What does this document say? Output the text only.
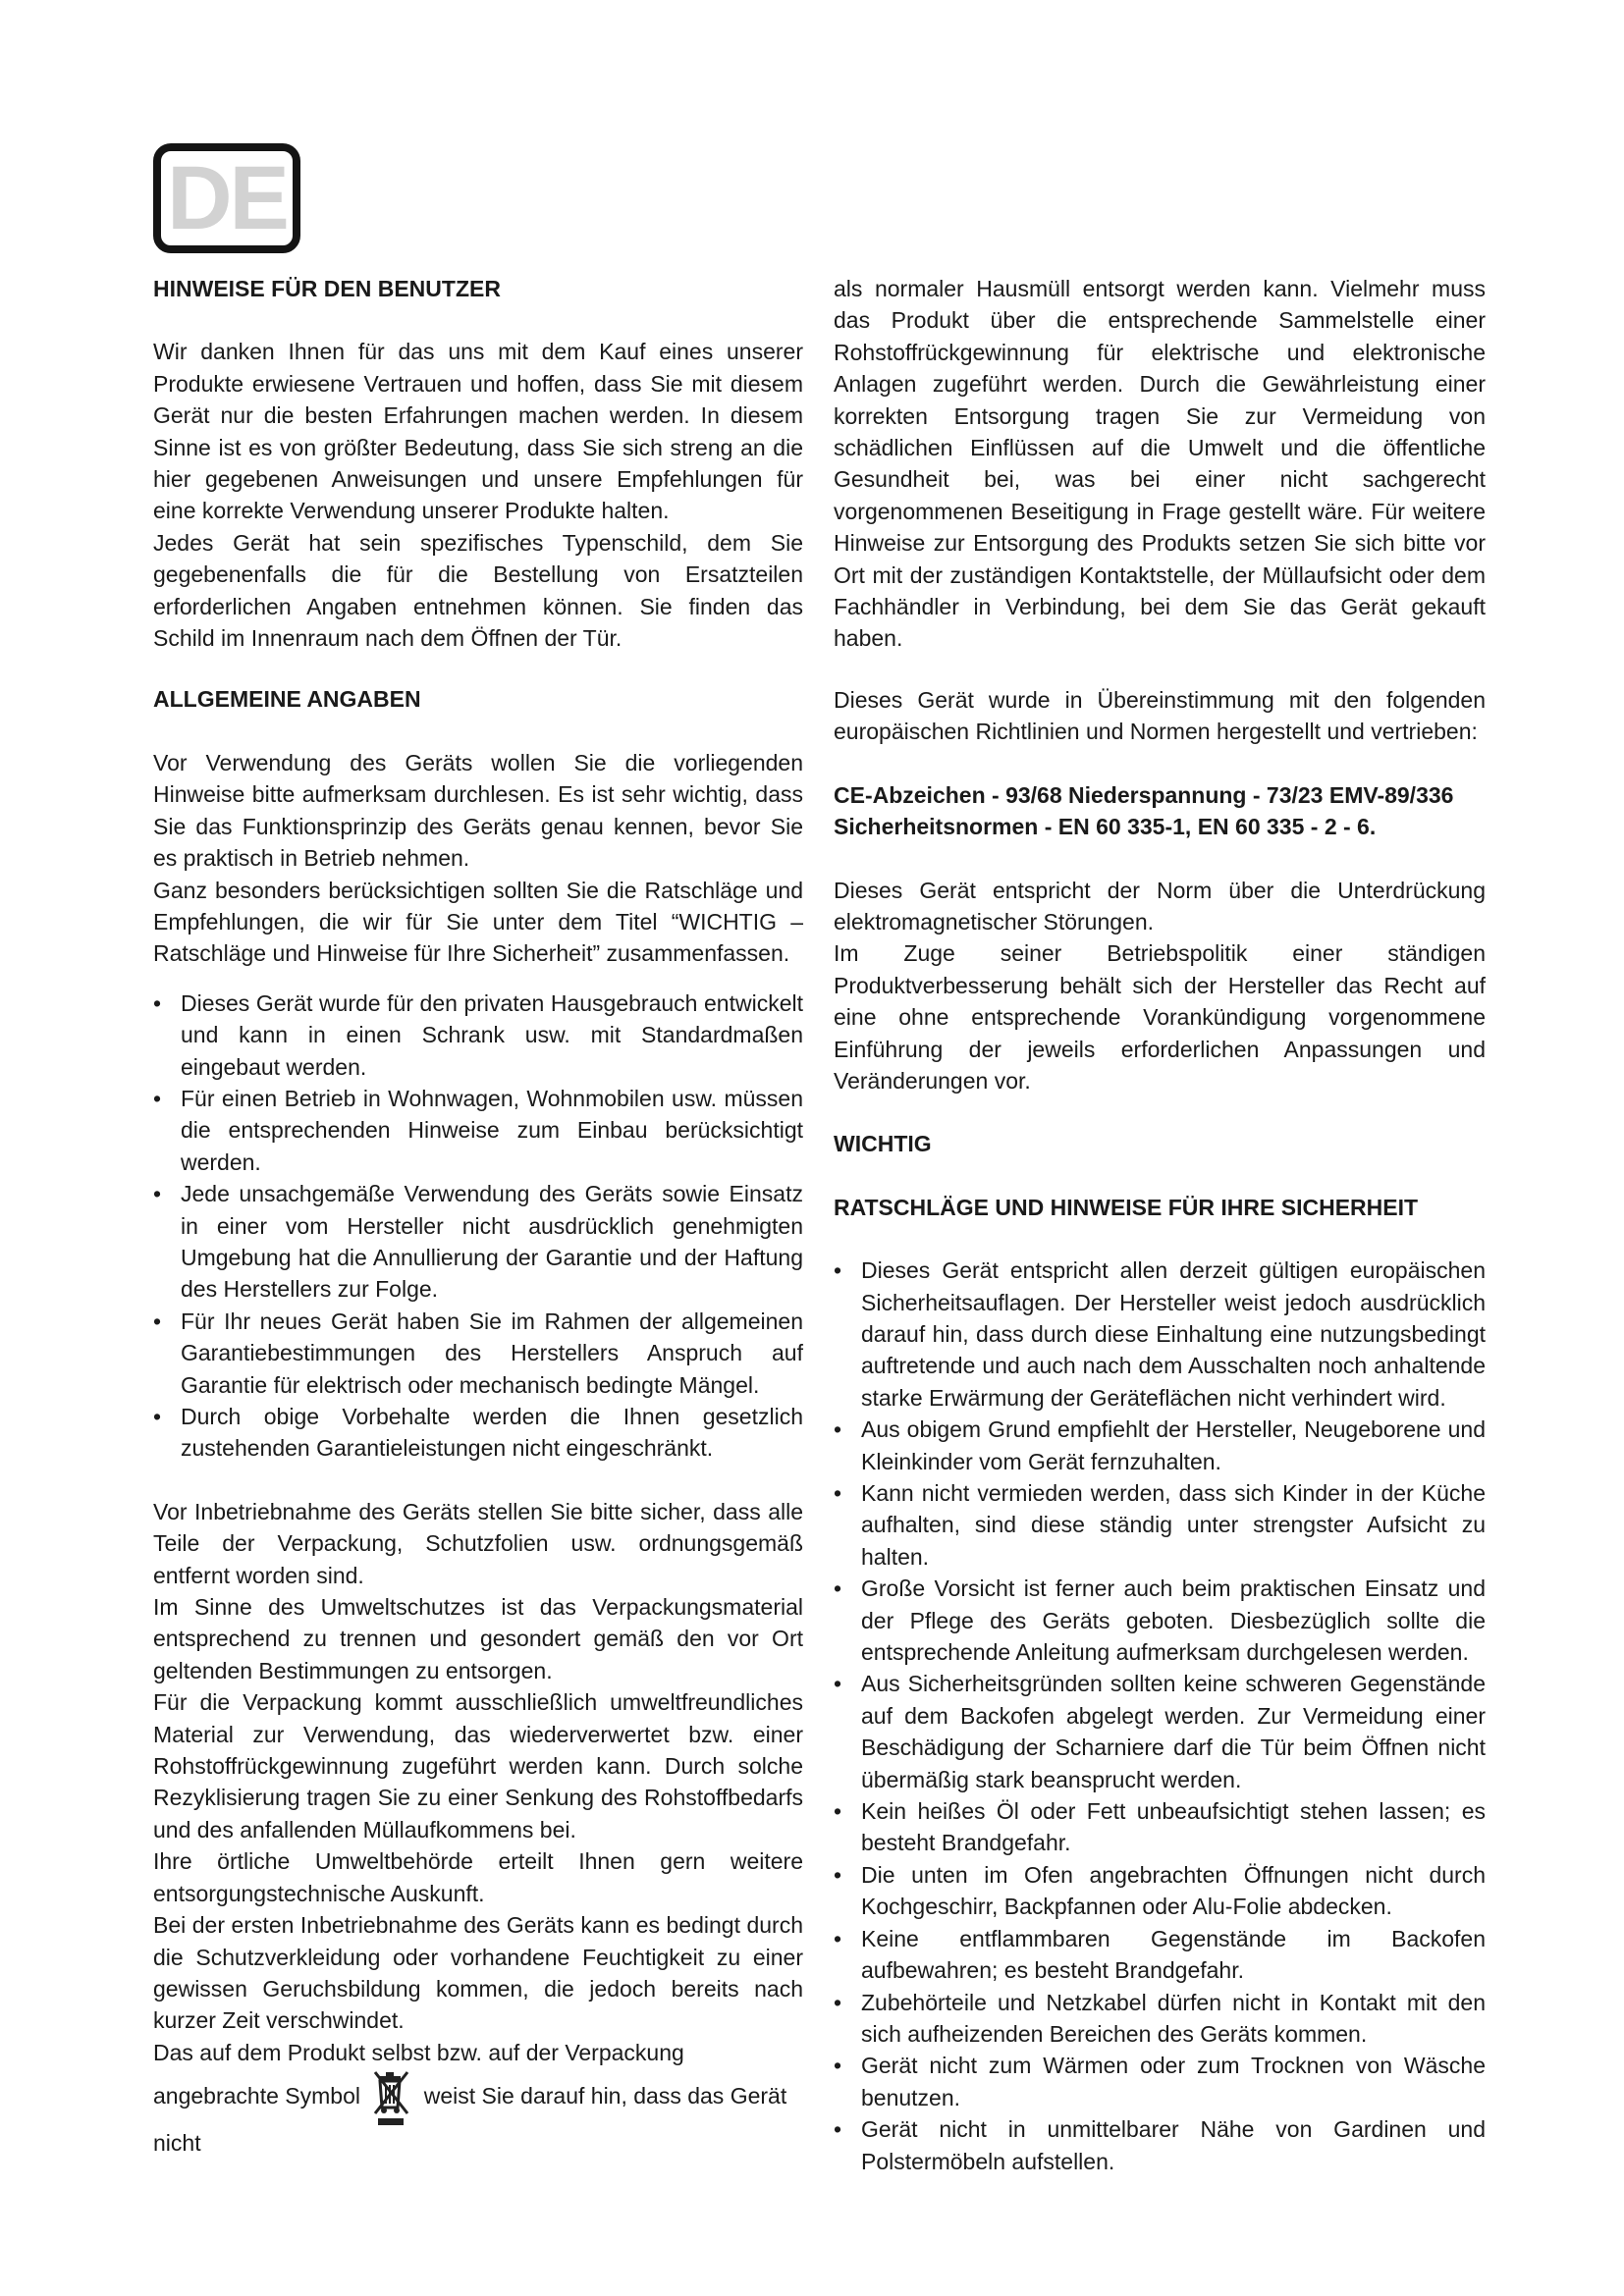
DE
HINWEISE FÜR DEN BENUTZER

Wir danken Ihnen für das uns mit dem Kauf eines unserer Produkte erwiesene Vertrauen und hoffen, dass Sie mit diesem Gerät nur die besten Erfahrungen machen werden. In diesem Sinne ist es von größter Bedeutung, dass Sie sich streng an die hier gegebenen Anweisungen und unsere Empfehlungen für eine korrekte Verwendung unserer Produkte halten.

Jedes Gerät hat sein spezifisches Typenschild, dem Sie gegebenenfalls die für die Bestellung von Ersatzteilen erforderlichen Angaben entnehmen können. Sie finden das Schild im Innenraum nach dem Öffnen der Tür.

ALLGEMEINE ANGABEN

Vor Verwendung des Geräts wollen Sie die vorliegenden Hinweise bitte aufmerksam durchlesen. Es ist sehr wichtig, dass Sie das Funktionsprinzip des Geräts genau kennen, bevor Sie es praktisch in Betrieb nehmen.

Ganz besonders berücksichtigen sollten Sie die Ratschläge und Empfehlungen, die wir für Sie unter dem Titel “WICHTIG – Ratschläge und Hinweise für Ihre Sicherheit” zusammenfassen.

• Dieses Gerät wurde für den privaten Hausgebrauch entwickelt und kann in einen Schrank usw. mit Standardmaßen eingebaut werden.
• Für einen Betrieb in Wohnwagen, Wohnmobilen usw. müssen die entsprechenden Hinweise zum Einbau berücksichtigt werden.
• Jede unsachgemäße Verwendung des Geräts sowie Einsatz in einer vom Hersteller nicht ausdrücklich genehmigten Umgebung hat die Annullierung der Garantie und der Haftung des Herstellers zur Folge.
• Für Ihr neues Gerät haben Sie im Rahmen der allgemeinen Garantiebestimmungen des Herstellers Anspruch auf Garantie für elektrisch oder mechanisch bedingte Mängel.
• Durch obige Vorbehalte werden die Ihnen gesetzlich zustehenden Garantieleistungen nicht eingeschränkt.

Vor Inbetriebnahme des Geräts stellen Sie bitte sicher, dass alle Teile der Verpackung, Schutzfolien usw. ordnungsgemäß entfernt worden sind.

Im Sinne des Umweltschutzes ist das Verpackungsmaterial entsprechend zu trennen und gesondert gemäß den vor Ort geltenden Bestimmungen zu entsorgen.

Für die Verpackung kommt ausschließlich umweltfreundliches Material zur Verwendung, das wiederverwertet bzw. einer Rohstoffrückgewinnung zugeführt werden kann. Durch solche Rezyklisierung tragen Sie zu einer Senkung des Rohstoffbedarfs und des anfallenden Müllaufkommens bei.

Ihre örtliche Umweltbehörde erteilt Ihnen gern weitere entsorgungstechnische Auskunft.

Bei der ersten Inbetriebnahme des Geräts kann es bedingt durch die Schutzverkleidung oder vorhandene Feuchtigkeit zu einer gewissen Geruchsbildung kommen, die jedoch bereits nach kurzer Zeit verschwindet.

Das auf dem Produkt selbst bzw. auf der Verpackung angebrachte Symbol	weist Sie darauf hin, dass das Gerät nicht

als normaler Hausmüll entsorgt werden kann. Vielmehr muss das Produkt über die entsprechende Sammelstelle einer Rohstoffrückgewinnung für elektrische und elektronische Anlagen zugeführt werden. Durch die Gewährleistung einer korrekten Entsorgung tragen Sie zur Vermeidung von schädlichen Einflüssen auf die Umwelt und die öffentliche Gesundheit bei, was bei einer nicht sachgerecht vorgenommenen Beseitigung in Frage gestellt wäre. Für weitere Hinweise zur Entsorgung des Produkts setzen Sie sich bitte vor Ort mit der zuständigen Kontaktstelle, der Müllaufsicht oder dem Fachhändler in Verbindung, bei dem Sie das Gerät gekauft haben.

Dieses Gerät wurde in Übereinstimmung mit den folgenden europäischen Richtlinien und Normen hergestellt und vertrieben:

CE-Abzeichen - 93/68 Niederspannung - 73/23 EMV-89/336

Sicherheitsnormen - EN 60 335-1, EN 60 335 - 2 - 6.

Dieses Gerät entspricht der Norm über die Unterdrückung elektromagnetischer Störungen.

Im Zuge seiner Betriebspolitik einer ständigen Produktverbesserung behält sich der Hersteller das Recht auf eine ohne entsprechende Vorankündigung vorgenommene Einführung der jeweils erforderlichen Anpassungen und Veränderungen vor.

WICHTIG
RATSCHLÄGE UND HINWEISE FÜR IHRE SICHERHEIT
• Dieses Gerät entspricht allen derzeit gültigen europäischen Sicherheitsauflagen. Der Hersteller weist jedoch ausdrücklich darauf hin, dass durch diese Einhaltung eine nutzungsbedingt auftretende und auch nach dem Ausschalten noch anhaltende starke Erwärmung der Geräteflächen nicht verhindert wird.
• Aus obigem Grund empfiehlt der Hersteller, Neugeborene und Kleinkinder vom Gerät fernzuhalten.
• Kann nicht vermieden werden, dass sich Kinder in der Küche aufhalten, sind diese ständig unter strengster Aufsicht zu halten.
• Große Vorsicht ist ferner auch beim praktischen Einsatz und der Pflege des Geräts geboten. Diesbezüglich sollte die entsprechende Anleitung aufmerksam durchgelesen werden.
• Aus Sicherheitsgründen sollten keine schweren Gegenstände auf dem Backofen abgelegt werden. Zur Vermeidung einer Beschädigung der Scharniere darf die Tür beim Öffnen nicht übermäßig stark beansprucht werden.
• Kein heißes Öl oder Fett unbeaufsichtigt stehen lassen; es besteht Brandgefahr.
• Die unten im Ofen angebrachten Öffnungen nicht durch Kochgeschirr, Backpfannen oder Alu-Folie abdecken.
• Keine entflammbaren Gegenstände im Backofen aufbewahren; es besteht Brandgefahr.
• Zubehörteile und Netzkabel dürfen nicht in Kontakt mit den sich aufheizenden Bereichen des Geräts kommen.
• Gerät nicht zum Wärmen oder zum Trocknen von Wäsche benutzen.
• Gerät nicht in unmittelbarer Nähe von Gardinen und Polstermöbeln aufstellen.
